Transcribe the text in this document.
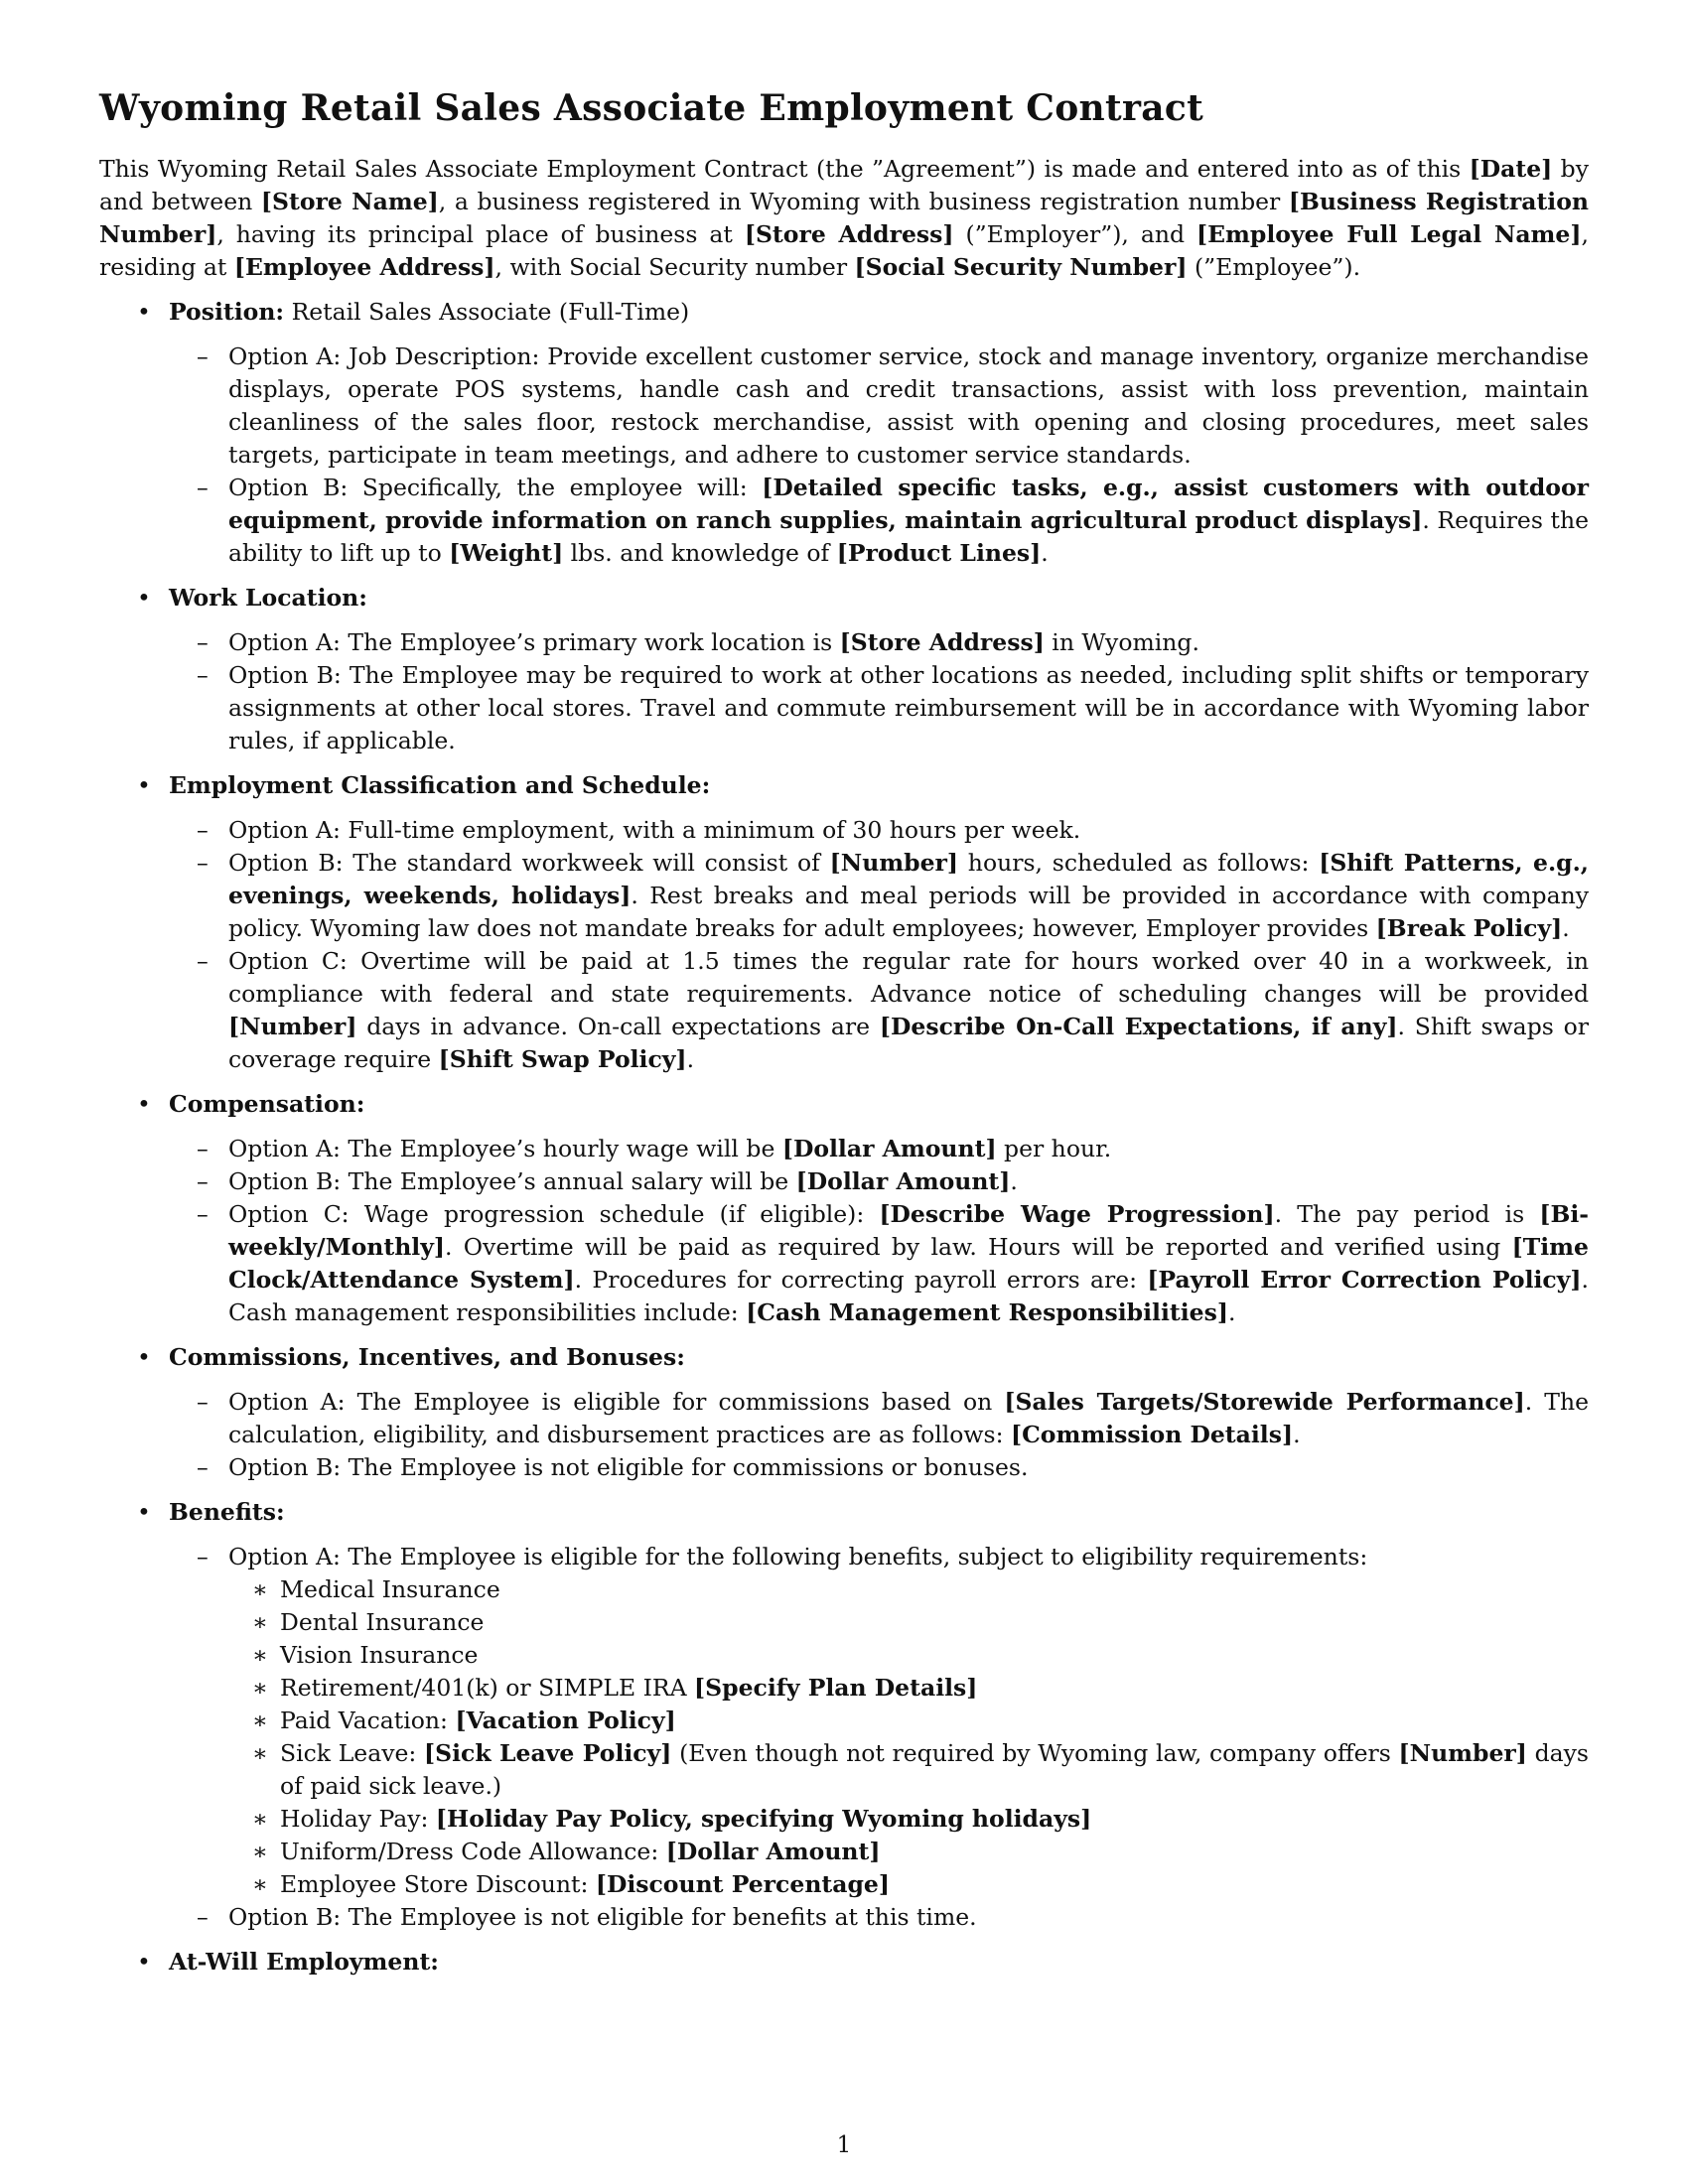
Wyoming Retail Sales Associate Employment Contract

This Wyoming Retail Sales Associate Employment Contract (the ”Agreement”) is made and entered into as of this [Date] by and between [Store Name], a business registered in Wyoming with business registration number [Business Registration Number], having its principal place of business at [Store Address] (”Employer”), and [Employee Full Legal Name], residing at [Employee Address], with Social Security number [Social Security Number] (”Employee”).

• Position: Retail Sales Associate (Full-Time)
– Option A: Job Description: Provide excellent customer service, stock and manage inventory, organize merchandise displays, operate POS systems, handle cash and credit transactions, assist with loss prevention, maintain cleanliness of the sales floor, restock merchandise, assist with opening and closing procedures, meet sales targets, participate in team meetings, and adhere to customer service standards.
– Option B: Specifically, the employee will: [Detailed specific tasks, e.g., assist customers with outdoor equipment, provide information on ranch supplies, maintain agricultural product displays]. Requires the ability to lift up to [Weight] lbs. and knowledge of [Product Lines].
• Work Location:
– Option A: The Employee’s primary work location is [Store Address] in Wyoming.
– Option B: The Employee may be required to work at other locations as needed, including split shifts or temporary assignments at other local stores. Travel and commute reimbursement will be in accordance with Wyoming labor rules, if applicable.
• Employment Classification and Schedule:
– Option A: Full-time employment, with a minimum of 30 hours per week.
– Option B: The standard workweek will consist of [Number] hours, scheduled as follows: [Shift Patterns, e.g., evenings, weekends, holidays]. Rest breaks and meal periods will be provided in accordance with company policy. Wyoming law does not mandate breaks for adult employees; however, Employer provides [Break Policy].
– Option C: Overtime will be paid at 1.5 times the regular rate for hours worked over 40 in a workweek, in compliance with federal and state requirements. Advance notice of scheduling changes will be provided [Number] days in advance. On-call expectations are [Describe On-Call Expectations, if any]. Shift swaps or coverage require [Shift Swap Policy].
• Compensation:
– Option A: The Employee’s hourly wage will be [Dollar Amount] per hour.
– Option B: The Employee’s annual salary will be [Dollar Amount].
– Option C: Wage progression schedule (if eligible): [Describe Wage Progression]. The pay period is [Bi-weekly/Monthly]. Overtime will be paid as required by law. Hours will be reported and verified using [Time Clock/Attendance System]. Procedures for correcting payroll errors are: [Payroll Error Correction Policy]. Cash management responsibilities include: [Cash Management Responsibilities].
• Commissions, Incentives, and Bonuses:
– Option A: The Employee is eligible for commissions based on [Sales Targets/Storewide Performance]. The calculation, eligibility, and disbursement practices are as follows: [Commission Details].
– Option B: The Employee is not eligible for commissions or bonuses.
• Benefits:
– Option A: The Employee is eligible for the following benefits, subject to eligibility requirements:
∗ Medical Insurance
∗ Dental Insurance
∗ Vision Insurance
∗ Retirement/401(k) or SIMPLE IRA [Specify Plan Details]
∗ Paid Vacation: [Vacation Policy]
∗ Sick Leave: [Sick Leave Policy] (Even though not required by Wyoming law, company offers [Number] days of paid sick leave.)
∗ Holiday Pay: [Holiday Pay Policy, specifying Wyoming holidays]
∗ Uniform/Dress Code Allowance: [Dollar Amount]
∗ Employee Store Discount: [Discount Percentage]
– Option B: The Employee is not eligible for benefits at this time.
• At-Will Employment:
1
